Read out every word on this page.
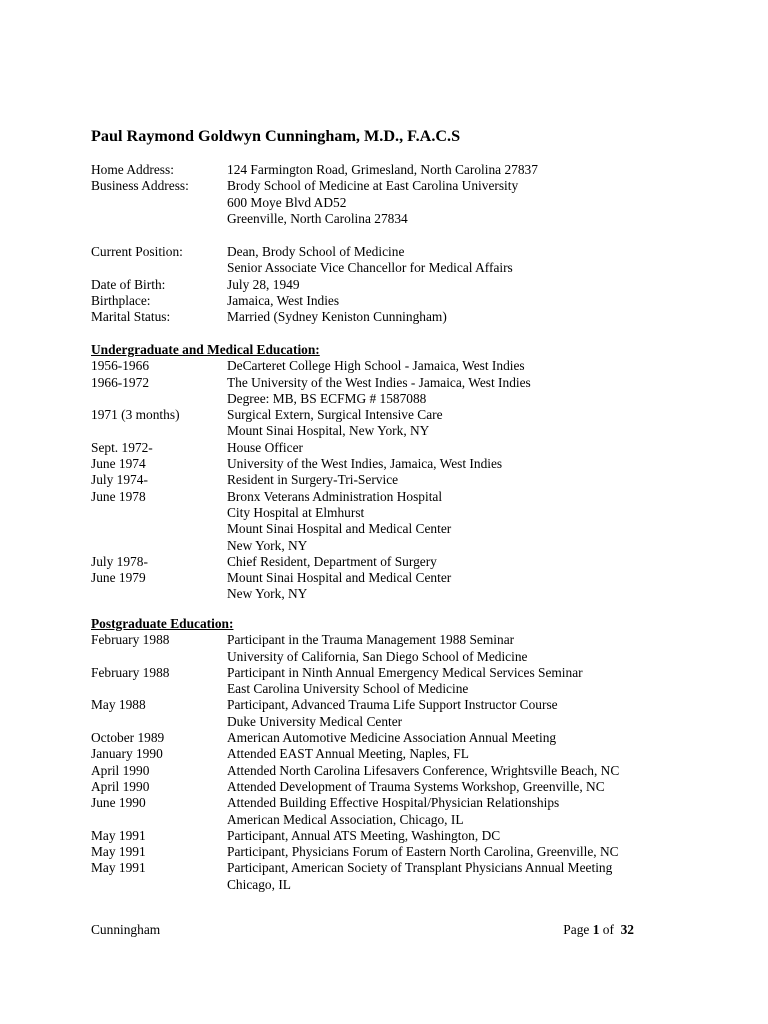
Paul Raymond Goldwyn Cunningham, M.D., F.A.C.S
Home Address:	124 Farmington Road, Grimesland, North Carolina 27837
Business Address:	Brody School of Medicine at East Carolina University
600 Moye Blvd AD52
Greenville, North Carolina 27834
Current Position:	Dean, Brody School of Medicine
Senior Associate Vice Chancellor for Medical Affairs
Date of Birth:	July 28, 1949
Birthplace:	Jamaica, West Indies
Marital Status:	Married (Sydney Keniston Cunningham)
Undergraduate and Medical Education:
1956-1966	DeCarteret College High School - Jamaica, West Indies
1966-1972	The University of the West Indies - Jamaica, West Indies
Degree: MB, BS ECFMG # 1587088
1971 (3 months)	Surgical Extern, Surgical Intensive Care
Mount Sinai Hospital, New York, NY
Sept. 1972-	House Officer
June 1974	University of the West Indies, Jamaica, West Indies
July 1974-	Resident in Surgery-Tri-Service
June 1978	Bronx Veterans Administration Hospital
City Hospital at Elmhurst
Mount Sinai Hospital and Medical Center
New York, NY
July 1978-	Chief Resident, Department of Surgery
June 1979	Mount Sinai Hospital and Medical Center
New York, NY
Postgraduate Education:
February 1988	Participant in the Trauma Management 1988 Seminar
University of California, San Diego School of Medicine
February 1988	Participant in Ninth Annual Emergency Medical Services Seminar
East Carolina University School of Medicine
May 1988	Participant, Advanced Trauma Life Support Instructor Course
Duke University Medical Center
October 1989	American Automotive Medicine Association Annual Meeting
January 1990	Attended EAST Annual Meeting, Naples, FL
April 1990	Attended North Carolina Lifesavers Conference, Wrightsville Beach, NC
April 1990	Attended Development of Trauma Systems Workshop, Greenville, NC
June 1990	Attended Building Effective Hospital/Physician Relationships
American Medical Association, Chicago, IL
May 1991	Participant, Annual ATS Meeting, Washington, DC
May 1991	Participant, Physicians Forum of Eastern North Carolina, Greenville, NC
May 1991	Participant, American Society of Transplant Physicians Annual Meeting
Chicago, IL
Cunningham	Page 1 of 32
